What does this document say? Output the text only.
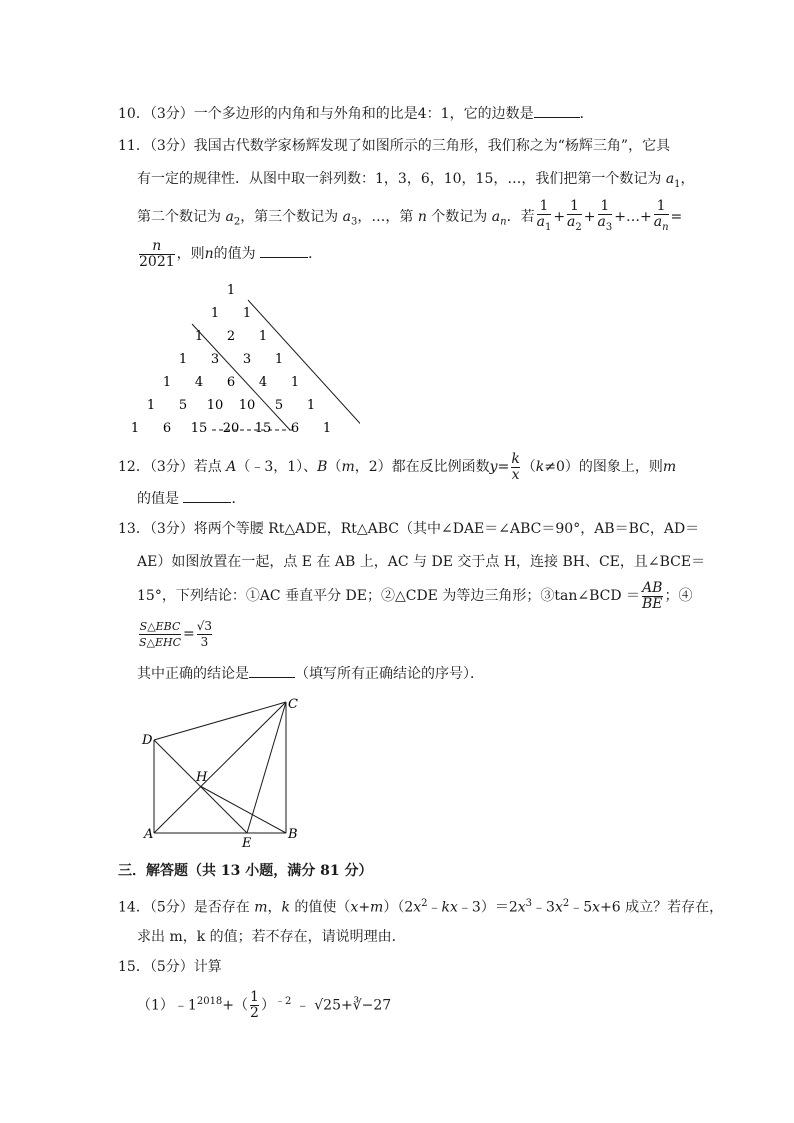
10．（3分）一个多边形的内角和与外角和的比是4：1，它的边数是	．
11．（3分）我国古代数学家杨辉发现了如图所示的三角形，我们称之为“杨辉三角”，它具
有一定的规律性．从图中取一斜列数：1，3，6，10，15，…，我们把第一个数记为 $a_1$，
第二个数记为 $a_2$，第三个数记为 $a_3$，…，第 n 个数记为 $a_n$．若 $\frac{1}{a_1} + \frac{1}{a_2} + \frac{1}{a_3}$ +…+ $\frac{1}{a_n}$ =
$\frac{n}{2021}$ ，则n的值为	．
1
1 1
1 2 1
1 3 3 1
1 4 6 4 1
1 5 10 10 5 1
1 6 15 20 15 6 1
12．（3分）若点 A（﹣3，1）、B（m，2）都在反比例函数$y= \frac{k}{x} (k\ne 0)$的图象上，则m
的值是	．
13．（3分）将两个等腰 Rt△ADE，Rt△ABC（其中∠DAE＝∠ABC＝90°，AB＝BC，AD＝
AE）如图放置在一起，点 E 在 AB 上，AC 与 DE 交于点 H，连接 BH、CE，且∠BCE＝
15°，下列结论：①AC 垂直平分 DE；②△CDE 为等边三角形；③tan∠BCD ＝ $\frac{AB}{BE}$ ；④
$\frac{\text{S△EBC}}{\text{S△EHC}} = \frac{√3}{3}$
其中正确的结论是	（填写所有正确结论的序号）．
D
C
H
A
E
B
三．解答题（共 13 小题，满分 81 分）
14．（5分）是否存在 m，k 的值使$(x+m)(2x^2﹣kx﹣3)=2x^3﹣3x^2﹣5x+6$ 成立？若存在，
求出 m，k 的值；若不存在，请说明理由．
15．（5分）计算
$(1)﹣1^{2018}+( \frac{1}{2} )^{﹣2}$ ﹣ √25+∛−27
